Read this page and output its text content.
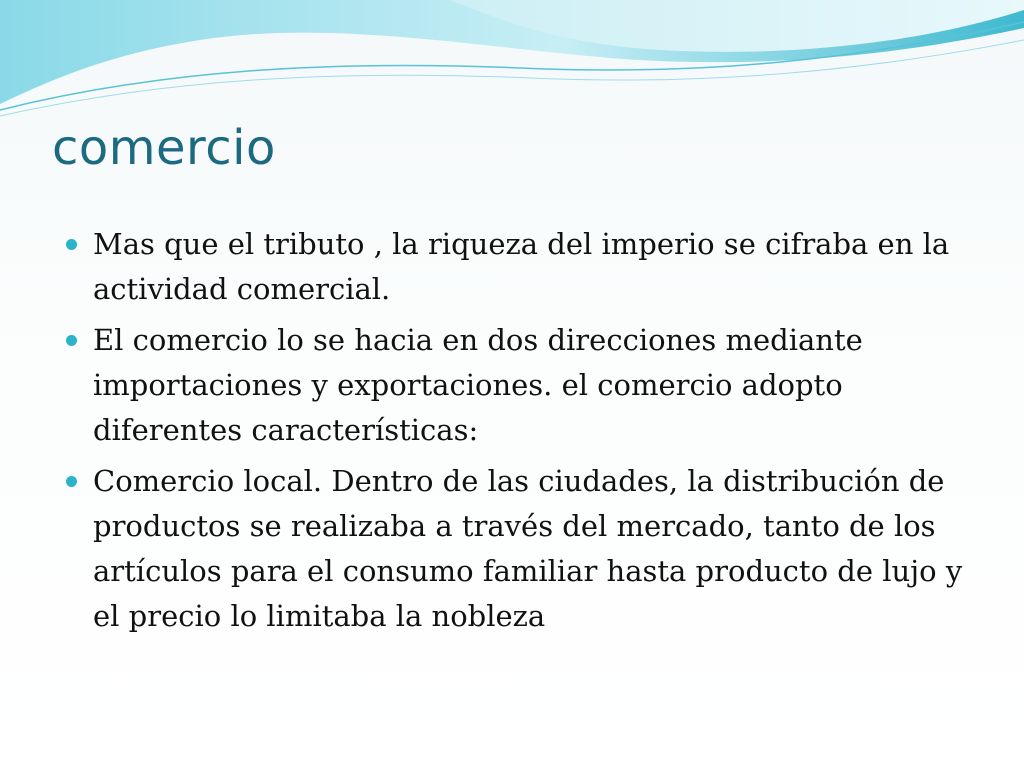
comercio
Mas que el tributo , la riqueza del imperio se cifraba en la actividad comercial.
El comercio lo se hacia en dos direcciones mediante importaciones y exportaciones. el comercio adopto diferentes características:
Comercio local. Dentro de las ciudades, la distribución de productos se realizaba a través del mercado, tanto de los artículos para el consumo familiar hasta producto de lujo y el precio lo limitaba la nobleza
